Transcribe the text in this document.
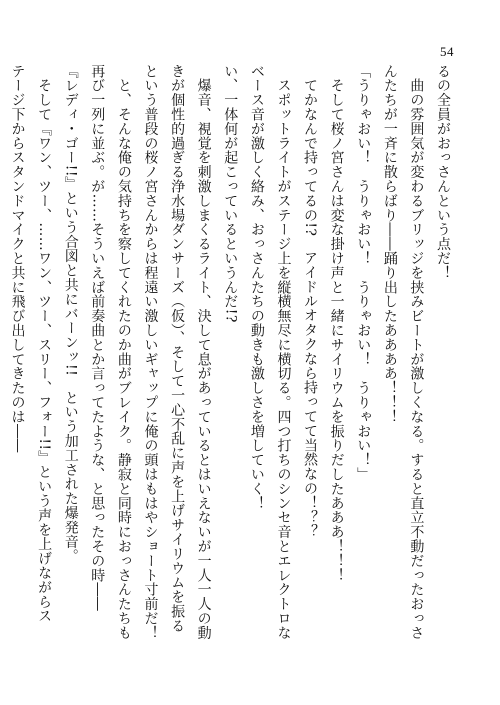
54
るの全員がおっさんという点だ！
　曲の雰囲気が変わるブリッジを挟みビートが激しくなる。すると直立不動だったおっさ
んたちが一斉に散らばり――踊り出したああああ！！！
「うりゃおい！　うりゃおい！　うりゃおい！　うりゃおい！」
　そして桜ノ宮さんは変な掛け声と一緒にサイリウムを振りだしたあああ！！！
　てかなんで持ってるの!?　アイドルオタクなら持ってて当然なの！？？
　スポットライトがステージ上を縦横無尽に横切る。四つ打ちのシンセ音とエレクトロな
ベース音が激しく絡み、おっさんたちの動きも激しさを増していく！
い、一体何が起こっているというんだ!?
　爆音、視覚を刺激しまくるライト、決して息があっているとはいえないが一人一人の動
きが個性的過ぎる浄水場ダンサーズ（仮）、そして一心不乱に声を上げサイリウムを振る
という普段の桜ノ宮さんからは程遠い激しいギャップに俺の頭はもはやショート寸前だ！
　と、そんな俺の気持ちを察してくれたのか曲がブレイク。静寂と同時におっさんたちも
再び一列に並ぶ。が……そういえば前奏曲とか言ってたような、と思ったその時――
『レディ・ゴー!!』という合図と共にバーンッ!!　という加工された爆発音。
　そして『ワン、ツー、……ワン、ツー、スリー、フォー!!』という声を上げながらス
テージ下からスタンドマイクと共に飛び出してきたのは――
